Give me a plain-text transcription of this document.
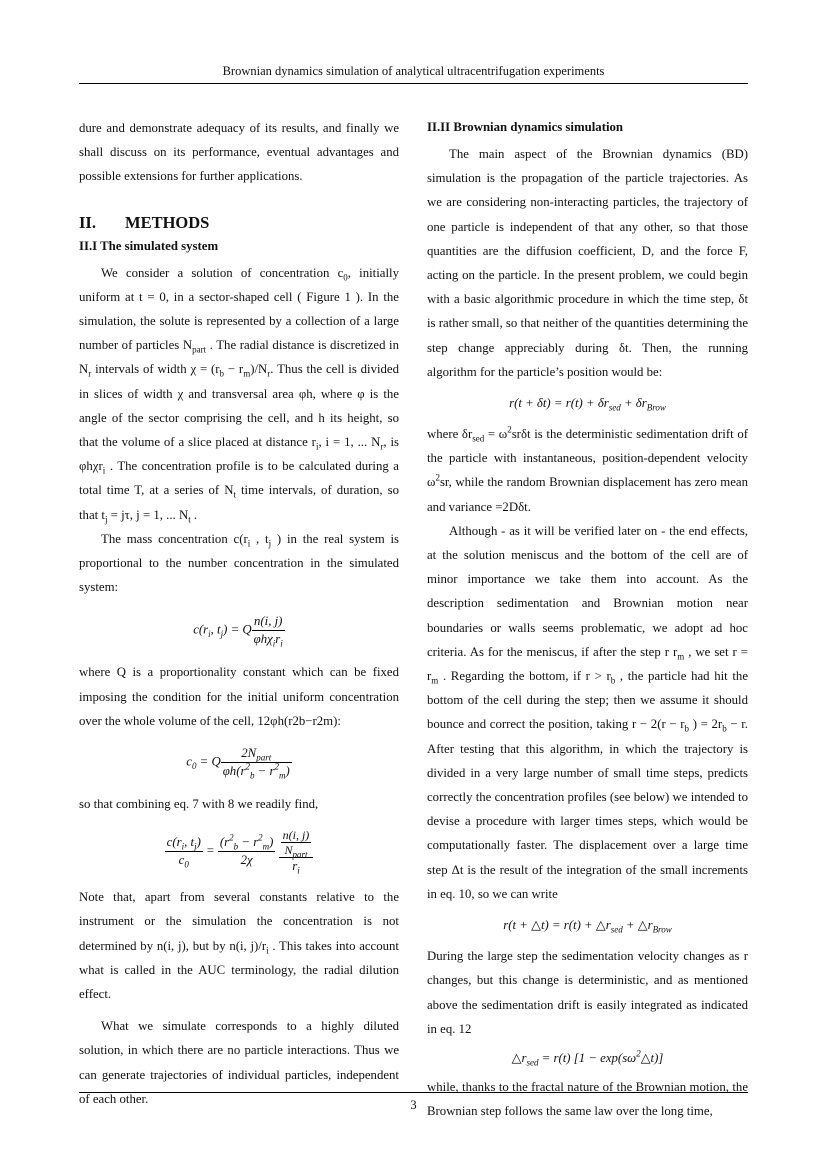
Brownian dynamics simulation of analytical ultracentrifugation experiments

dure and demonstrate adequacy of its results, and finally we shall discuss on its performance, eventual advantages and possible extensions for further applications.

II. METHODS
II.I The simulated system

We consider a solution of concentration $c_0$, initially uniform at t = 0, in a sector-shaped cell ( Figure 1 ). In the simulation, the solute is represented by a collection of a large number of particles $N_{part}$ . The radial distance is discretized in $N_r$ intervals of width $\chi = (r_b - r_m)/N_r$. Thus the cell is divided in slices of width χ and transversal area φh, where φ is the angle of the sector comprising the cell, and h its height, so that the volume of a slice placed at distance $r_i$, i = 1, ... $N_r$, is φhχr$_i$ . The concentration profile is to be calculated during a total time T, at a series of $N_t$ time intervals, of duration, so that $t_j = j\tau$, j = 1, ... $N_t$ .

The mass concentration $c(r_i$ , $t_j$ ) in the real system is proportional to the number concentration in the simulated system:

$c(r_i$, $t_j) = Q \frac{n(i, j)}{\varphi h\chi_ir_i}$

where Q is a proportionality constant which can be fixed imposing the condition for the initial uniform concentration over the whole volume of the cell, 12φh(r2b−r2m):

$c_0 = Q \frac{2N_{part}}{\varphi h(r^2_b - r^2_m)}$

so that combining eq. 7 with 8 we readily find,

$\frac{c(r_i, t_j)}{c_0} = \frac{(r^2_b - r^2_m)}{2\chi}$
$\frac{\frac{n(i, j)}{N_{part}}}{r_i}$

Note that, apart from several constants relative to the instrument or the simulation the concentration is not determined by n(i, j), but by n(i, $j)/r_i$ . This takes into account what is called in the AUC terminology, the radial dilution effect.

What we simulate corresponds to a highly diluted solution, in which there are no particle interactions. Thus we can generate trajectories of individual particles, independent of each other.

II.II Brownian dynamics simulation

The main aspect of the Brownian dynamics (BD) simulation is the propagation of the particle trajectories. As we are considering non-interacting particles, the trajectory of one particle is independent of that any other, so that those quantities are the diffusion coefficient, D, and the force F, acting on the particle. In the present problem, we could begin with a basic algorithmic procedure in which the time step, δt is rather small, so that neither of the quantities determining the step change appreciably during δt. Then, the running algorithm for the particle’s position would be:

$r(t + \delta t) = r(t) + \delta r_{sed} + \delta r_{Brow}$

where $\delta r_{sed} = \omega^2sr\delta t$ is the deterministic sedimentation drift of the particle with instantaneous, position-dependent velocity $\omega^2sr$, while the random Brownian displacement has zero mean and variance =2Dδt.

Although - as it will be verified later on - the end effects, at the solution meniscus and the bottom of the cell are of minor importance we take them into account. As the description sedimentation and Brownian motion near boundaries or walls seems problematic, we adopt ad hoc criteria. As for the meniscus, if after the step r $r_m$ , we set $r = r_m$ . Regarding the bottom, if $r > r_b$ , the particle had hit the bottom of the cell during the step; then we assume it should bounce and correct the position, taking $r - 2(r - r_b$ ) = $2r_b - r$. After testing that this algorithm, in which the trajectory is divided in a very large number of small time steps, predicts correctly the concentration profiles (see below) we intended to devise a procedure with larger times steps, which would be computationally faster. The displacement over a large time step Δt is the result of the integration of the small increments in eq. 10, so we can write

r(t + △t) = $r(t) + \triangle r_{sed}$ + $\triangle r_{Brow}$

During the large step the sedimentation velocity changes as r changes, but this change is deterministic, and as mentioned above the sedimentation drift is easily integrated as indicated in eq. 12

$\triangle r_{sed} = r(t) [1$ − $\exp(s\omega^2\triangle t)$]

while, thanks to the fractal nature of the Brownian motion, the Brownian step follows the same law over the long time,

3
